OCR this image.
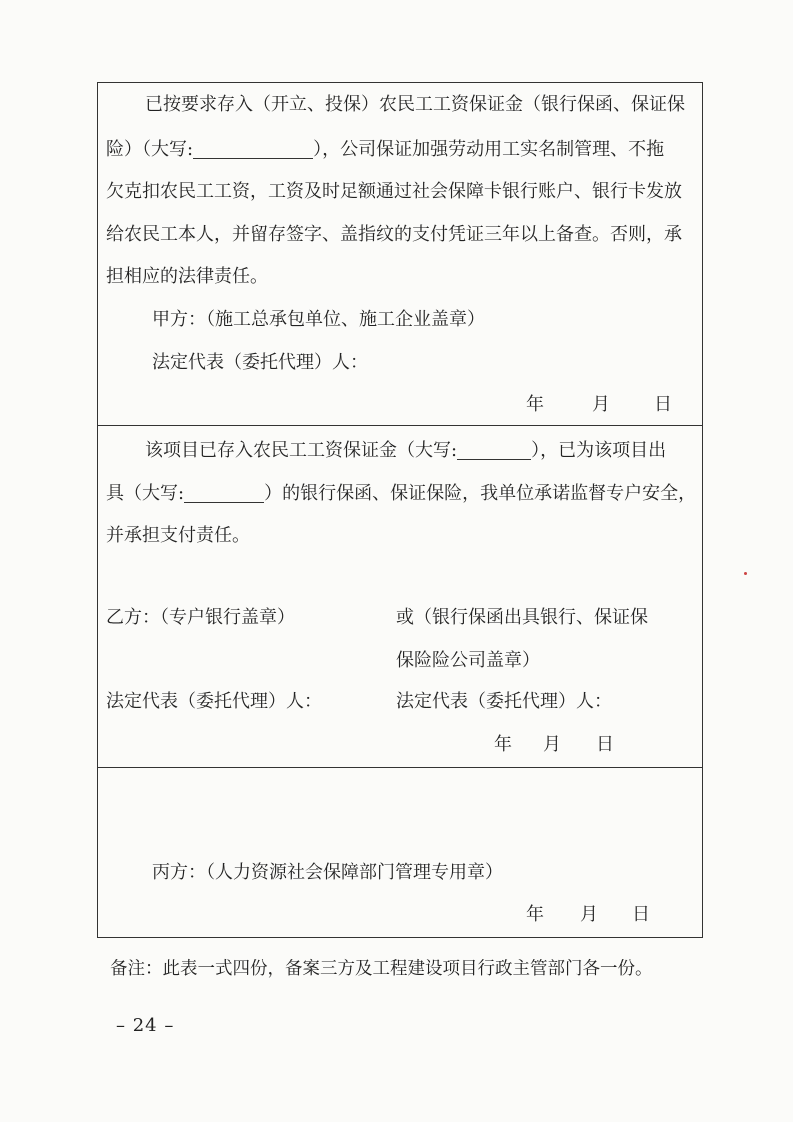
已按要求存入（开立、投保）农民工工资保证金（银行保函、保证保
险）（大写:	），公司保证加强劳动用工实名制管理、不拖
欠克扣农民工工资，工资及时足额通过社会保障卡银行账户、银行卡发放
给农民工本人，并留存签字、盖指纹的支付凭证三年以上备查。否则，承
担相应的法律责任。
甲方：（施工总承包单位、施工企业盖章）
法定代表（委托代理）人：
年	月 日
该项目已存入农民工工资保证金（大写:	），已为该项目出
具（大写:	）的银行保函、保证保险，我单位承诺监督专户安全，
并承担支付责任。
乙方：（专户银行盖章）	或（银行保函出具银行、保证保
保险险公司盖章）
法定代表（委托代理）人：	法定代表（委托代理）人：
年 月 日
丙方：（人力资源社会保障部门管理专用章）
年 月 日
备注：此表一式四份，备案三方及工程建设项目行政主管部门各一份。
– 24 –
